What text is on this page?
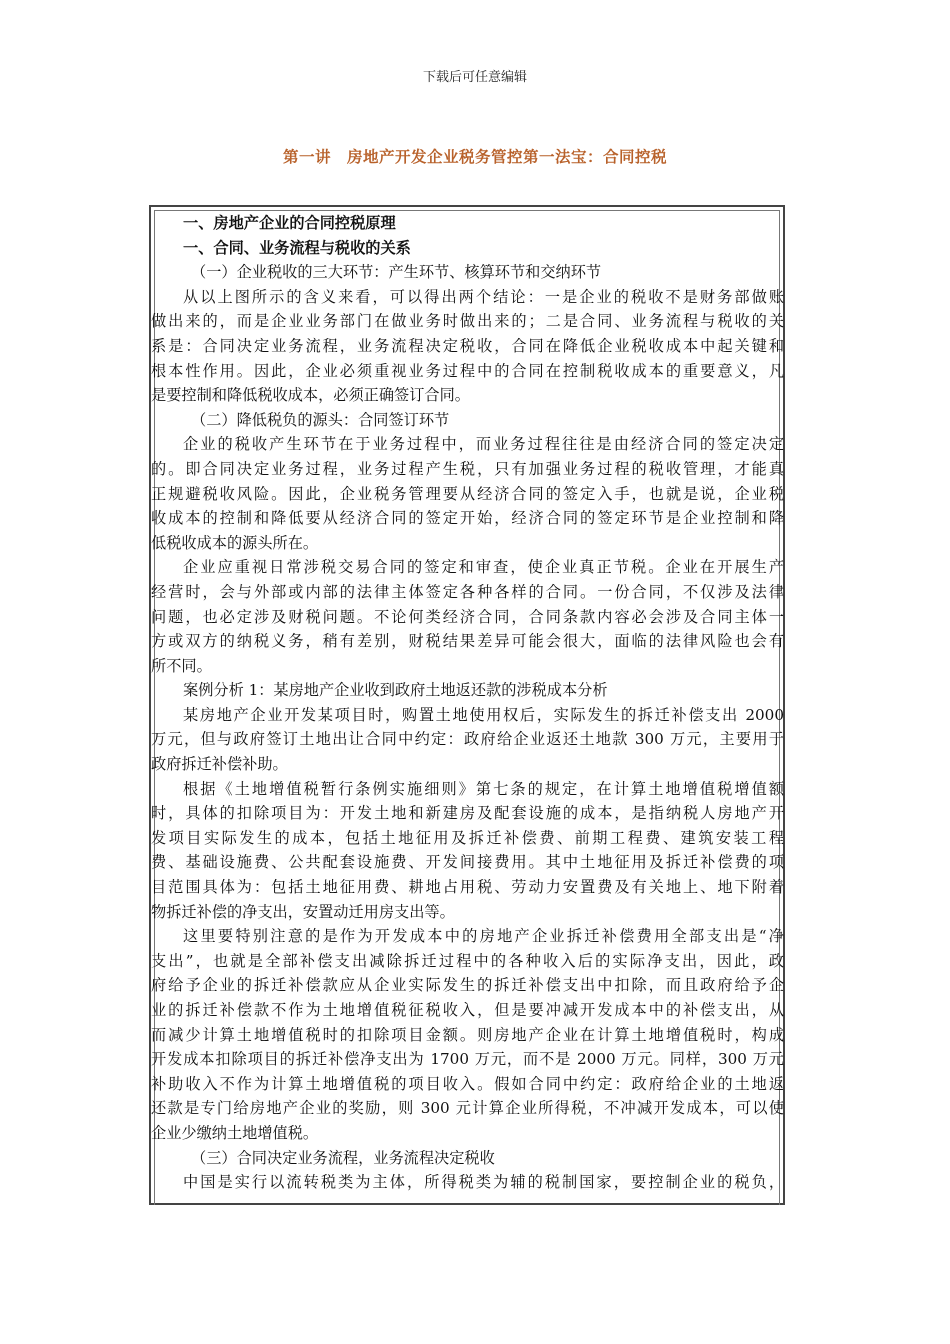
下载后可任意编辑
第一讲　房地产开发企业税务管控第一法宝：合同控税
一、房地产企业的合同控税原理
一、合同、业务流程与税收的关系
（一）企业税收的三大环节：产生环节、核算环节和交纳环节
从以上图所示的含义来看，可以得出两个结论：一是企业的税收不是财务部做账
做出来的，而是企业业务部门在做业务时做出来的；二是合同、业务流程与税收的关
系是：合同决定业务流程，业务流程决定税收，合同在降低企业税收成本中起关键和
根本性作用。因此，企业必须重视业务过程中的合同在控制税收成本的重要意义，凡
是要控制和降低税收成本，必须正确签订合同。
（二）降低税负的源头：合同签订环节
企业的税收产生环节在于业务过程中，而业务过程往往是由经济合同的签定决定
的。即合同决定业务过程，业务过程产生税，只有加强业务过程的税收管理，才能真
正规避税收风险。因此，企业税务管理要从经济合同的签定入手，也就是说，企业税
收成本的控制和降低要从经济合同的签定开始，经济合同的签定环节是企业控制和降
低税收成本的源头所在。
企业应重视日常涉税交易合同的签定和审查，使企业真正节税。企业在开展生产
经营时，会与外部或内部的法律主体签定各种各样的合同。一份合同，不仅涉及法律
问题，也必定涉及财税问题。不论何类经济合同，合同条款内容必会涉及合同主体一
方或双方的纳税义务，稍有差别，财税结果差异可能会很大，面临的法律风险也会有
所不同。
案例分析 1：某房地产企业收到政府土地返还款的涉税成本分析
某房地产企业开发某项目时，购置土地使用权后，实际发生的拆迁补偿支出 2000
万元，但与政府签订土地出让合同中约定：政府给企业返还土地款 300 万元，主要用于
政府拆迁补偿补助。
根据《土地增值税暂行条例实施细则》第七条的规定，在计算土地增值税增值额
时，具体的扣除项目为：开发土地和新建房及配套设施的成本，是指纳税人房地产开
发项目实际发生的成本，包括土地征用及拆迁补偿费、前期工程费、建筑安装工程
费、基础设施费、公共配套设施费、开发间接费用。其中土地征用及拆迁补偿费的项
目范围具体为：包括土地征用费、耕地占用税、劳动力安置费及有关地上、地下附着
物拆迁补偿的净支出，安置动迁用房支出等。
这里要特别注意的是作为开发成本中的房地产企业拆迁补偿费用全部支出是“净
支出”，也就是全部补偿支出减除拆迁过程中的各种收入后的实际净支出，因此，政
府给予企业的拆迁补偿款应从企业实际发生的拆迁补偿支出中扣除，而且政府给予企
业的拆迁补偿款不作为土地增值税征税收入，但是要冲减开发成本中的补偿支出，从
而减少计算土地增值税时的扣除项目金额。则房地产企业在计算土地增值税时，构成
开发成本扣除项目的拆迁补偿净支出为 1700 万元，而不是 2000 万元。同样，300 万元
补助收入不作为计算土地增值税的项目收入。假如合同中约定：政府给企业的土地返
还款是专门给房地产企业的奖励，则 300 元计算企业所得税，不冲减开发成本，可以使
企业少缴纳土地增值税。
（三）合同决定业务流程，业务流程决定税收
中国是实行以流转税类为主体，所得税类为辅的税制国家，要控制企业的税负，
